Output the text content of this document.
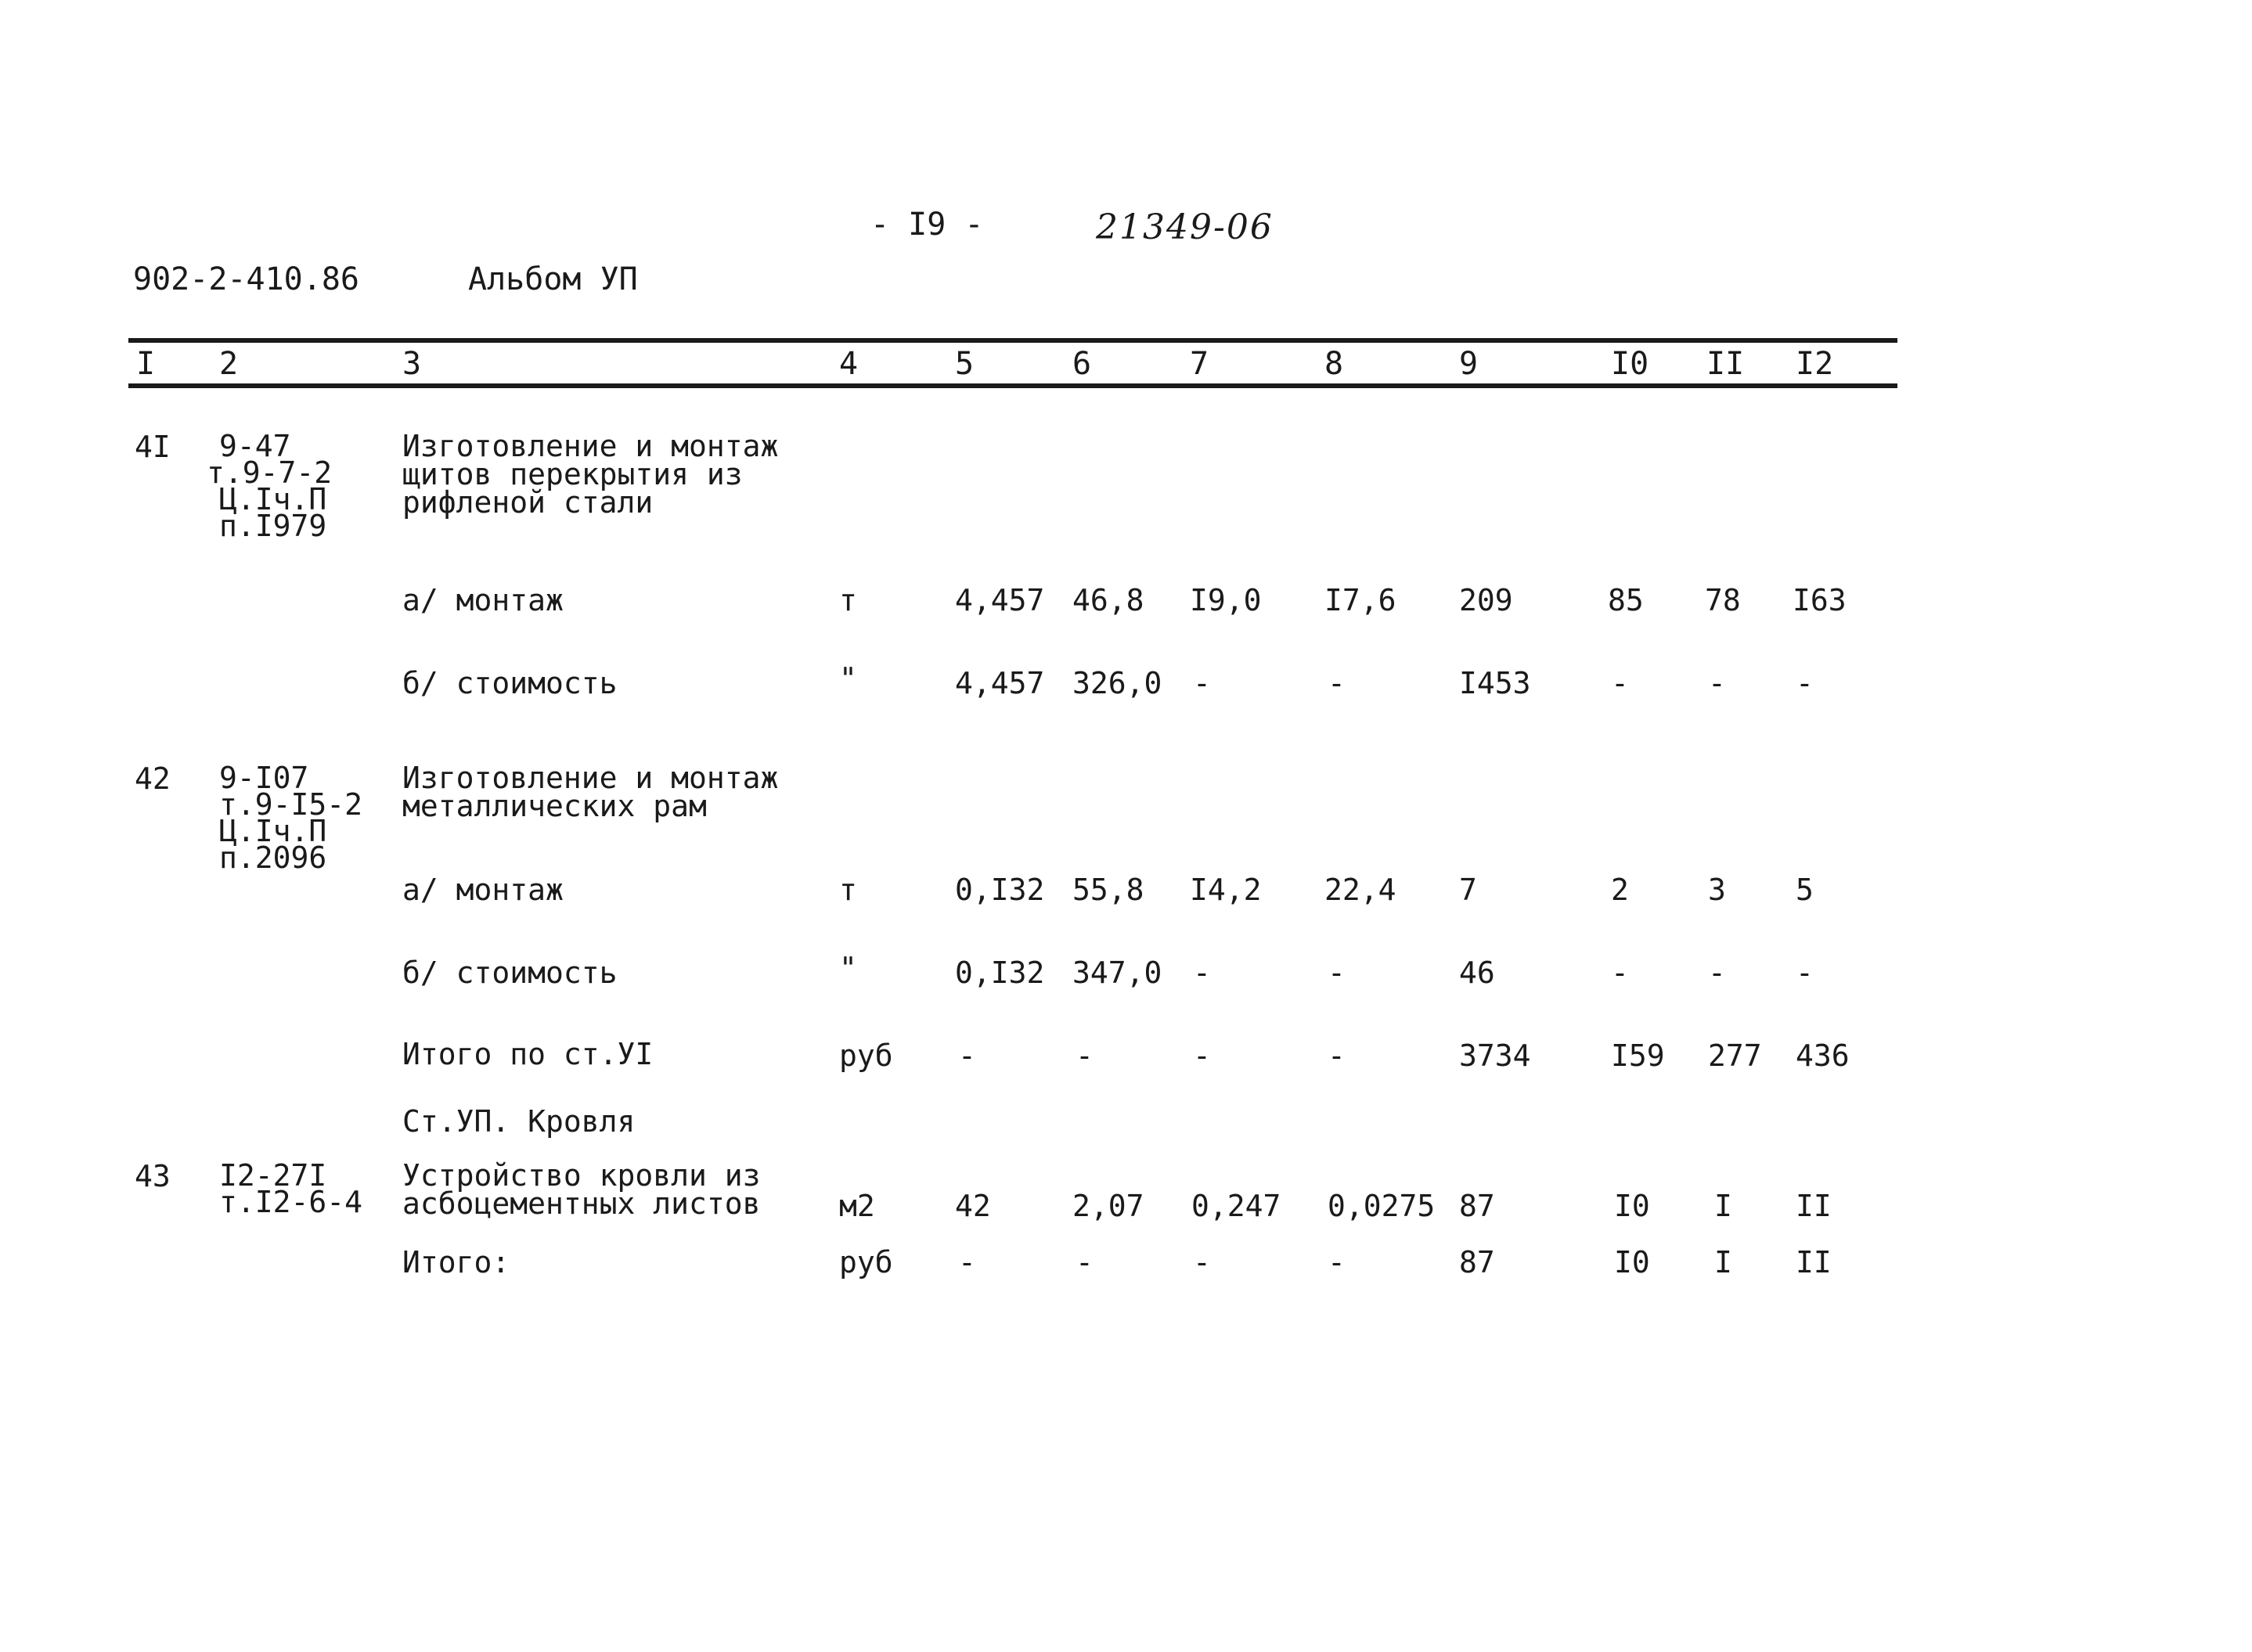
- I9 -	21349-06
902-2-410.86	Альбом УП
I 2	3	4	5	6	7	8	9	I0 II I2
4I 9-47
т.9-7-2
Ц.Iч.П
п.I979
Изготовление и монтаж
щитов перекрытия из
рифленой стали
а/ монтаж	т	4,457 46,8 I9,0 I7,6 209	85 78 I63
б/ стоимость	"	4,457 326,0 -	-	I453	-	- -
42 9-I07
т.9-I5-2
Ц.Iч.П
п.2096
Изготовление и монтаж
металлических рам
а/ монтаж	т	0,I32 55,8 I4,2 22,4 7	2	3 5
б/ стоимость	"	0,I32 347,0 -	-	46	-	- -
Итого по ст.УI	руб -	-	-	-	3734	I59 277 436
Ст.УП. Кровля
43 I2-27I
т.I2-6-4
Устройство кровли из
асбоцементных листов	м2	42	2,07 0,247 0,0275 87	I0 I II
Итого:	руб -	-	-	-	87	I0 I II
